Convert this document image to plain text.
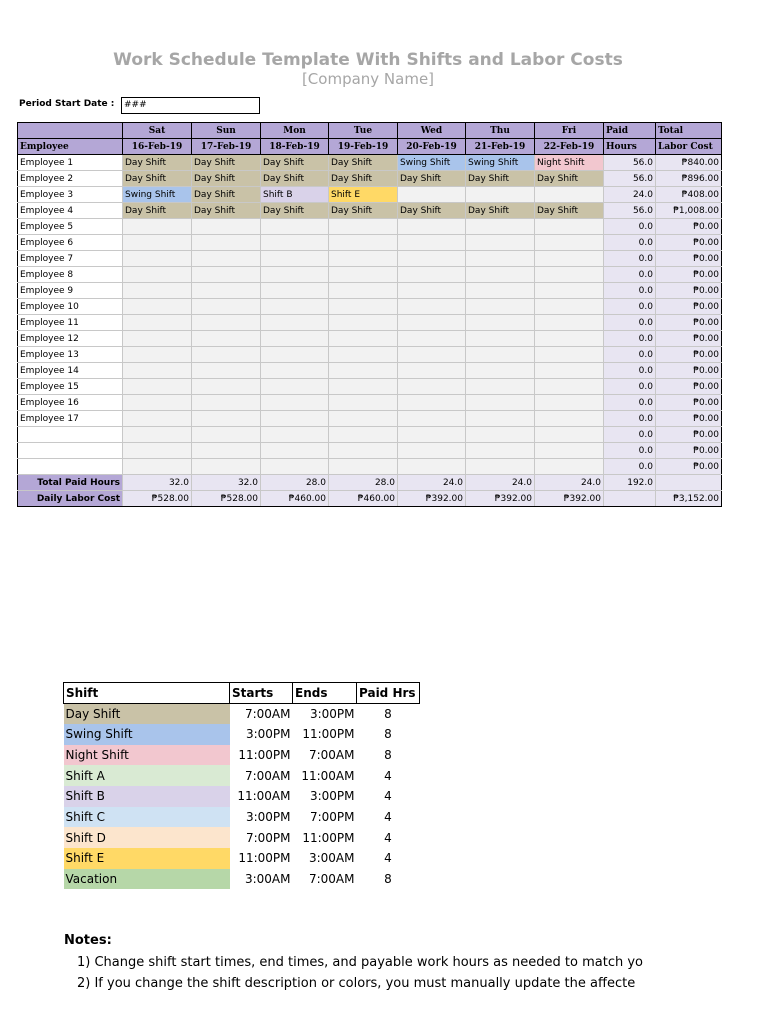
Work Schedule Template With Shifts and Labor Costs
[Company Name]
Period Start Date :	###
	Sat	Sun	Mon	Tue	Wed	Thu	Fri	Paid	Total
Employee	16-Feb-19	17-Feb-19	18-Feb-19	19-Feb-19	20-Feb-19	21-Feb-19	22-Feb-19	Hours	Labor Cost
Employee 1	Day Shift	Day Shift	Day Shift	Day Shift	Swing Shift	Swing Shift	Night Shift	56.0	₱840.00
Employee 2	Day Shift	Day Shift	Day Shift	Day Shift	Day Shift	Day Shift	Day Shift	56.0	₱896.00
Employee 3	Swing Shift	Day Shift	Shift B	Shift E				24.0	₱408.00
Employee 4	Day Shift	Day Shift	Day Shift	Day Shift	Day Shift	Day Shift	Day Shift	56.0	₱1,008.00
Employee 5								0.0	₱0.00
Employee 6								0.0	₱0.00
Employee 7								0.0	₱0.00
Employee 8								0.0	₱0.00
Employee 9								0.0	₱0.00
Employee 10								0.0	₱0.00
Employee 11								0.0	₱0.00
Employee 12								0.0	₱0.00
Employee 13								0.0	₱0.00
Employee 14								0.0	₱0.00
Employee 15								0.0	₱0.00
Employee 16								0.0	₱0.00
Employee 17								0.0	₱0.00
								0.0	₱0.00
								0.0	₱0.00
								0.0	₱0.00
Total Paid Hours	32.0	32.0	28.0	28.0	24.0	24.0	24.0	192.0	
Daily Labor Cost	₱528.00	₱528.00	₱460.00	₱460.00	₱392.00	₱392.00	₱392.00		₱3,152.00
Shift	Starts	Ends	Paid Hrs
Day Shift	7:00AM	3:00PM	8
Swing Shift	3:00PM	11:00PM	8
Night Shift	11:00PM	7:00AM	8
Shift A	7:00AM	11:00AM	4
Shift B	11:00AM	3:00PM	4
Shift C	3:00PM	7:00PM	4
Shift D	7:00PM	11:00PM	4
Shift E	11:00PM	3:00AM	4
Vacation	3:00AM	7:00AM	8
Notes:
1) Change shift start times, end times, and payable work hours as needed to match yo
2) If you change the shift description or colors, you must manually update the affecte
